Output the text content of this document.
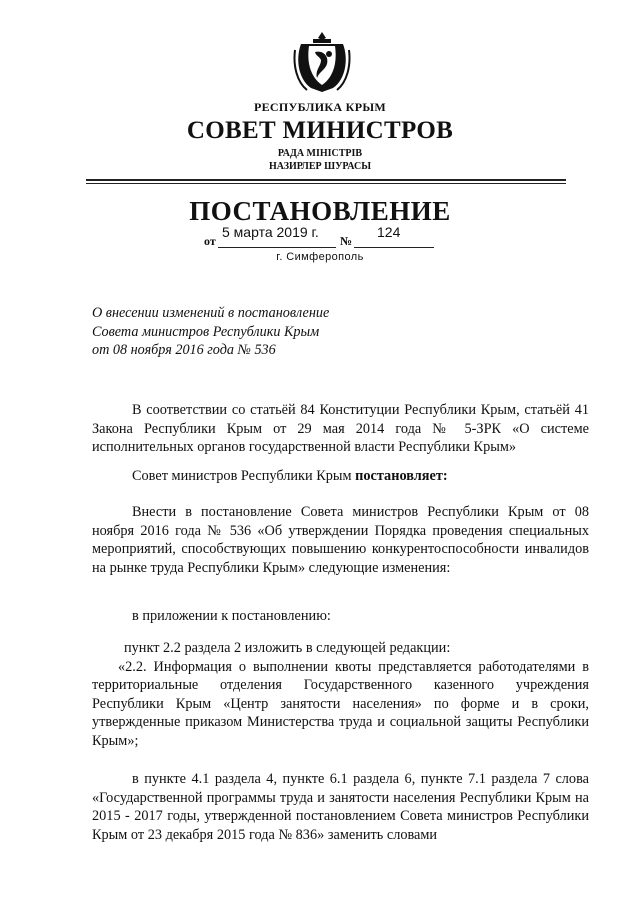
РЕСПУБЛИКА КРЫМ
СОВЕТ МИНИСТРОВ
РАДА МІНІСТРІВ
НАЗИРЛЕР ШУРАСЫ
ПОСТАНОВЛЕНИЕ
от
5 марта 2019 г.
№
124
г. Симферополь
О внесении изменений в постановление
Совета министров Республики Крым
от 08 ноября 2016 года № 536
В соответствии со статьёй 84 Конституции Республики Крым, статьёй 41 Закона Республики Крым от 29 мая 2014 года № 5-ЗРК «О системе исполнительных органов государственной власти Республики Крым»
Совет министров Республики Крым постановляет:
Внести в постановление Совета министров Республики Крым от 08 ноября 2016 года № 536 «Об утверждении Порядка проведения специальных мероприятий, способствующих повышению конкурентоспособности инвалидов на рынке труда Республики Крым» следующие изменения:
в приложении к постановлению:
пункт 2.2 раздела 2 изложить в следующей редакции:
«2.2. Информация о выполнении квоты представляется работодателями в территориальные отделения Государственного казенного учреждения Республики Крым «Центр занятости населения» по форме и в сроки, утвержденные приказом Министерства труда и социальной защиты Республики Крым»;
в пункте 4.1 раздела 4, пункте 6.1 раздела 6, пункте 7.1 раздела 7 слова «Государственной программы труда и занятости населения Республики Крым на 2015 - 2017 годы, утвержденной постановлением Совета министров Республики Крым от 23 декабря 2015 года № 836» заменить словами
